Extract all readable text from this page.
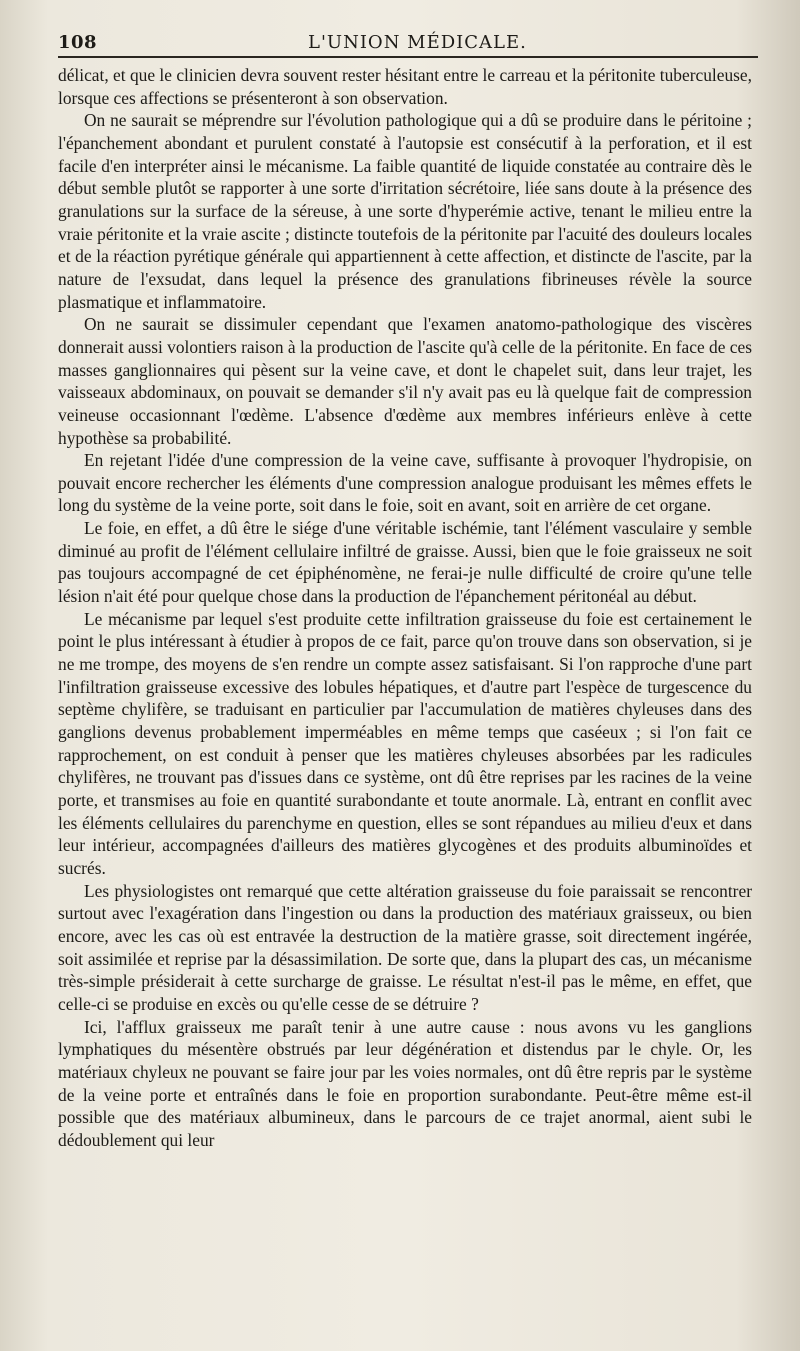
108	L'UNION MÉDICALE.

délicat, et que le clinicien devra souvent rester hésitant entre le carreau et la péritonite tuberculeuse, lorsque ces affections se présenteront à son observation.

On ne saurait se méprendre sur l'évolution pathologique qui a dû se produire dans le péritoine ; l'épanchement abondant et purulent constaté à l'autopsie est consécutif à la perforation, et il est facile d'en interpréter ainsi le mécanisme. La faible quantité de liquide constatée au contraire dès le début semble plutôt se rapporter à une sorte d'irritation sécrétoire, liée sans doute à la présence des granulations sur la surface de la séreuse, à une sorte d'hyperémie active, tenant le milieu entre la vraie péritonite et la vraie ascite ; distincte toutefois de la péritonite par l'acuité des douleurs locales et de la réaction pyrétique générale qui appartiennent à cette affection, et distincte de l'ascite, par la nature de l'exsudat, dans lequel la présence des granulations fibrineuses révèle la source plasmatique et inflammatoire.

On ne saurait se dissimuler cependant que l'examen anatomo-pathologique des viscères donnerait aussi volontiers raison à la production de l'ascite qu'à celle de la péritonite. En face de ces masses ganglionnaires qui pèsent sur la veine cave, et dont le chapelet suit, dans leur trajet, les vaisseaux abdominaux, on pouvait se demander s'il n'y avait pas eu là quelque fait de compression veineuse occasionnant l'œdème. L'absence d'œdème aux membres inférieurs enlève à cette hypothèse sa probabilité.

En rejetant l'idée d'une compression de la veine cave, suffisante à provoquer l'hydropisie, on pouvait encore rechercher les éléments d'une compression analogue produisant les mêmes effets le long du système de la veine porte, soit dans le foie, soit en avant, soit en arrière de cet organe.

Le foie, en effet, a dû être le siége d'une véritable ischémie, tant l'élément vasculaire y semble diminué au profit de l'élément cellulaire infiltré de graisse. Aussi, bien que le foie graisseux ne soit pas toujours accompagné de cet épiphénomène, ne ferai-je nulle difficulté de croire qu'une telle lésion n'ait été pour quelque chose dans la production de l'épanchement péritonéal au début.

Le mécanisme par lequel s'est produite cette infiltration graisseuse du foie est certainement le point le plus intéressant à étudier à propos de ce fait, parce qu'on trouve dans son observation, si je ne me trompe, des moyens de s'en rendre un compte assez satisfaisant. Si l'on rapproche d'une part l'infiltration graisseuse excessive des lobules hépatiques, et d'autre part l'espèce de turgescence du septème chylifère, se traduisant en particulier par l'accumulation de matières chyleuses dans des ganglions devenus probablement imperméables en même temps que caséeux ; si l'on fait ce rapprochement, on est conduit à penser que les matières chyleuses absorbées par les radicules chylifères, ne trouvant pas d'issues dans ce système, ont dû être reprises par les racines de la veine porte, et transmises au foie en quantité surabondante et toute anormale. Là, entrant en conflit avec les éléments cellulaires du parenchyme en question, elles se sont répandues au milieu d'eux et dans leur intérieur, accompagnées d'ailleurs des matières glycogènes et des produits albuminoïdes et sucrés.

Les physiologistes ont remarqué que cette altération graisseuse du foie paraissait se rencontrer surtout avec l'exagération dans l'ingestion ou dans la production des matériaux graisseux, ou bien encore, avec les cas où est entravée la destruction de la matière grasse, soit directement ingérée, soit assimilée et reprise par la désassimilation. De sorte que, dans la plupart des cas, un mécanisme très-simple présiderait à cette surcharge de graisse. Le résultat n'est-il pas le même, en effet, que celle-ci se produise en excès ou qu'elle cesse de se détruire ?

Ici, l'afflux graisseux me paraît tenir à une autre cause : nous avons vu les ganglions lymphatiques du mésentère obstrués par leur dégénération et distendus par le chyle. Or, les matériaux chyleux ne pouvant se faire jour par les voies normales, ont dû être repris par le système de la veine porte et entraînés dans le foie en proportion surabondante. Peut-être même est-il possible que des matériaux albumineux, dans le parcours de ce trajet anormal, aient subi le dédoublement qui leur
